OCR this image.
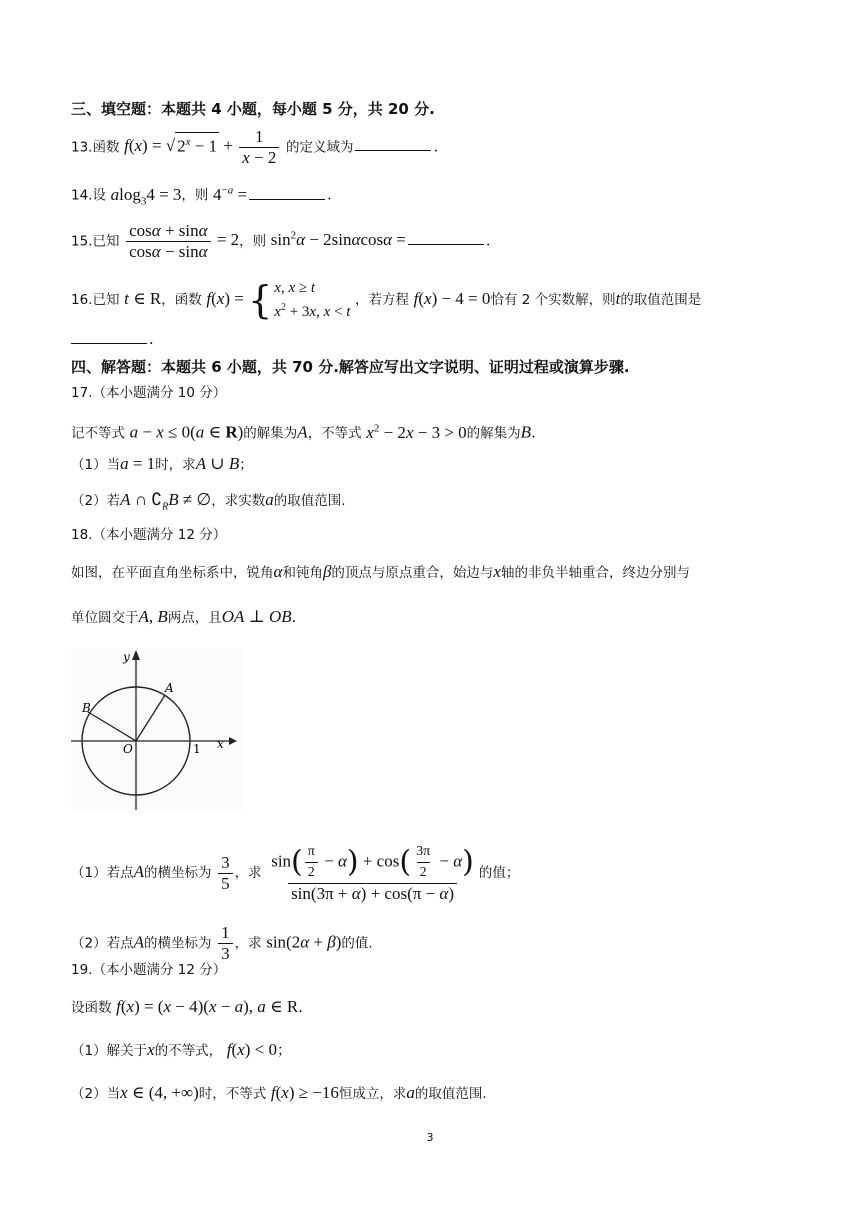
三、填空题：本题共 4 小题，每小题 5 分，共 20 分.
13.函数 f(x) = √ $2^x - 1 + \frac{1}{x - 2}$ 的定义域为	.
14.设 alog$_3$4 = 3，则 $4^{-a}$ =	.
15.已知 $\frac{\cos\alpha + \sin\alpha}{\cos\alpha - \sin\alpha} = 2$，则 $\sin^2\alpha - 2\sin\alpha\cos\alpha$ =	.
16.已知 t ∈ R，函数 f(x) = { x, x ≥ t
$x^2 + 3x$, x < t
，若方程 f(x) − 4 = 0恰有 2 个实数解，则t的取值范围是
.
四、解答题：本题共 6 小题，共 70 分.解答应写出文字说明、证明过程或演算步骤.
17.（本小题满分 10 分）
记不等式 a − x ≤ 0(a ∈ R)的解集为A，不等式 $x^2 - 2x - 3 > 0$的解集为B.
（1）当a = 1时，求A ∪ B；
（2）若A ∩ $∁_RB$ ≠ ∅，求实数a的取值范围.
18.（本小题满分 12 分）
如图，在平面直角坐标系中，锐角α和钝角β的顶点与原点重合，始边与x轴的非负半轴重合，终边分别与
单位圆交于A, B两点，且OA ⊥ OB.
y
x
A
B
O	1
（1）若点A的横坐标为 $\frac{3}{5}$ ，求 $\frac{\sin( \frac{\pi}{2} - \alpha) + \cos( \frac{3\pi}{2} - \alpha)}{\sin(3\pi + \alpha) + \cos(\pi - \alpha)}$ 的值；
（2）若点A的横坐标为 $\frac{1}{3}$ ，求 sin(2α + β)的值.
19.（本小题满分 12 分）
设函数 f(x) = (x − 4)(x − a), a ∈ R.
（1）解关于x的不等式， f(x) < 0；
（2）当x ∈ (4, +∞)时，不等式 f(x) ≥ −16恒成立，求a的取值范围.
3
